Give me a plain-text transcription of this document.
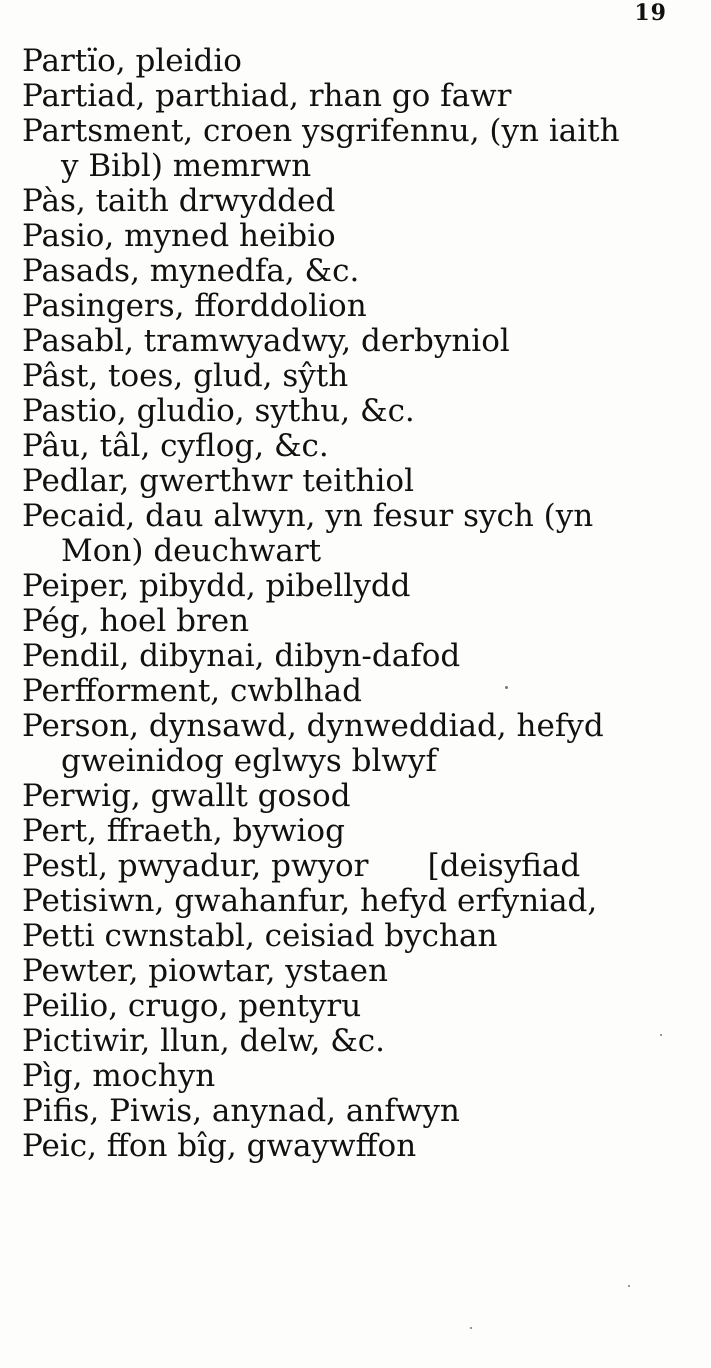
19
Partïo, pleidio
Partiad, parthiad, rhan go fawr
Partsment, croen ysgrifennu, (yn iaith
y Bibl) memrwn
Pàs, taith drwydded
Pasio, myned heibio
Pasads, mynedfa, &c.
Pasingers, fforddolion
Pasabl, tramwyadwy, derbyniol
Pâst, toes, glud, sŷth
Pastio, gludio, sythu, &c.
Pâu, tâl, cyflog, &c.
Pedlar, gwerthwr teithiol
Pecaid, dau alwyn, yn fesur sych (yn
Mon) deuchwart
Peiper, pibydd, pibellydd
Pég, hoel bren
Pendil, dibynai, dibyn-dafod
Perfforment, cwblhad
Person, dynsawd, dynweddiad, hefyd
gweinidog eglwys blwyf
Perwig, gwallt gosod
Pert, ffraeth, bywiog
Pestl, pwyadur, pwyor      [deisyfiad
Petisiwn, gwahanfur, hefyd erfyniad,
Petti cwnstabl, ceisiad bychan
Pewter, piowtar, ystaen
Peilio, crugo, pentyru
Pictiwir, llun, delw, &c.
Pìg, mochyn
Pifis, Piwis, anynad, anfwyn
Peic, ffon bîg, gwaywffon
